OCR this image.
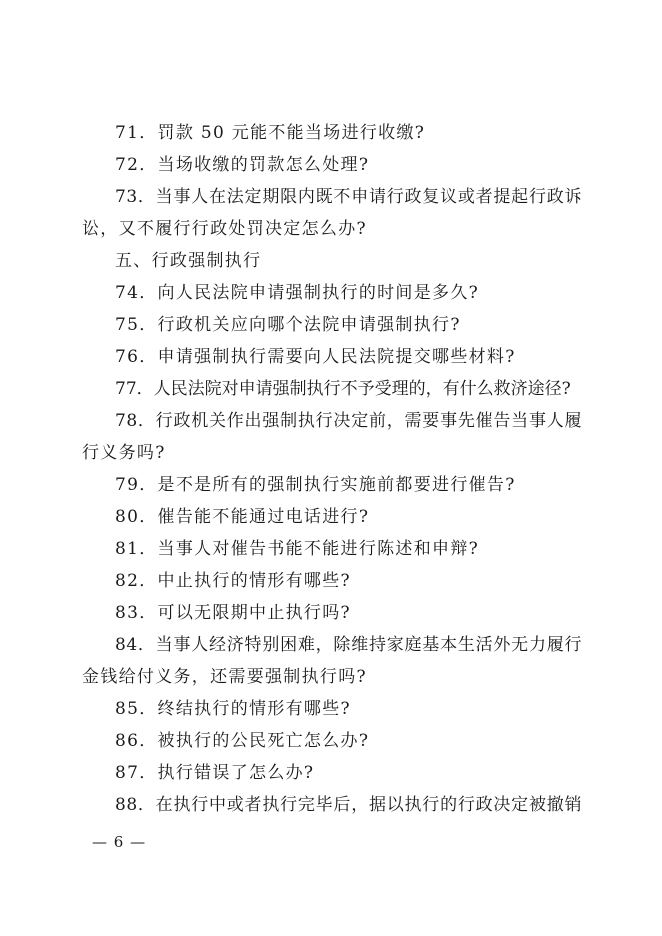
71．罚款 50 元能不能当场进行收缴?
72．当场收缴的罚款怎么处理?
73．当事人在法定期限内既不申请行政复议或者提起行政诉
讼，又不履行行政处罚决定怎么办?
五、行政强制执行
74．向人民法院申请强制执行的时间是多久?
75．行政机关应向哪个法院申请强制执行?
76．申请强制执行需要向人民法院提交哪些材料?
77．人民法院对申请强制执行不予受理的，有什么救济途径?
78．行政机关作出强制执行决定前，需要事先催告当事人履
行义务吗?
79．是不是所有的强制执行实施前都要进行催告?
80．催告能不能通过电话进行?
81．当事人对催告书能不能进行陈述和申辩?
82．中止执行的情形有哪些?
83．可以无限期中止执行吗?
84．当事人经济特别困难，除维持家庭基本生活外无力履行
金钱给付义务，还需要强制执行吗?
85．终结执行的情形有哪些?
86．被执行的公民死亡怎么办?
87．执行错误了怎么办?
88．在执行中或者执行完毕后，据以执行的行政决定被撤销
— 6 —
